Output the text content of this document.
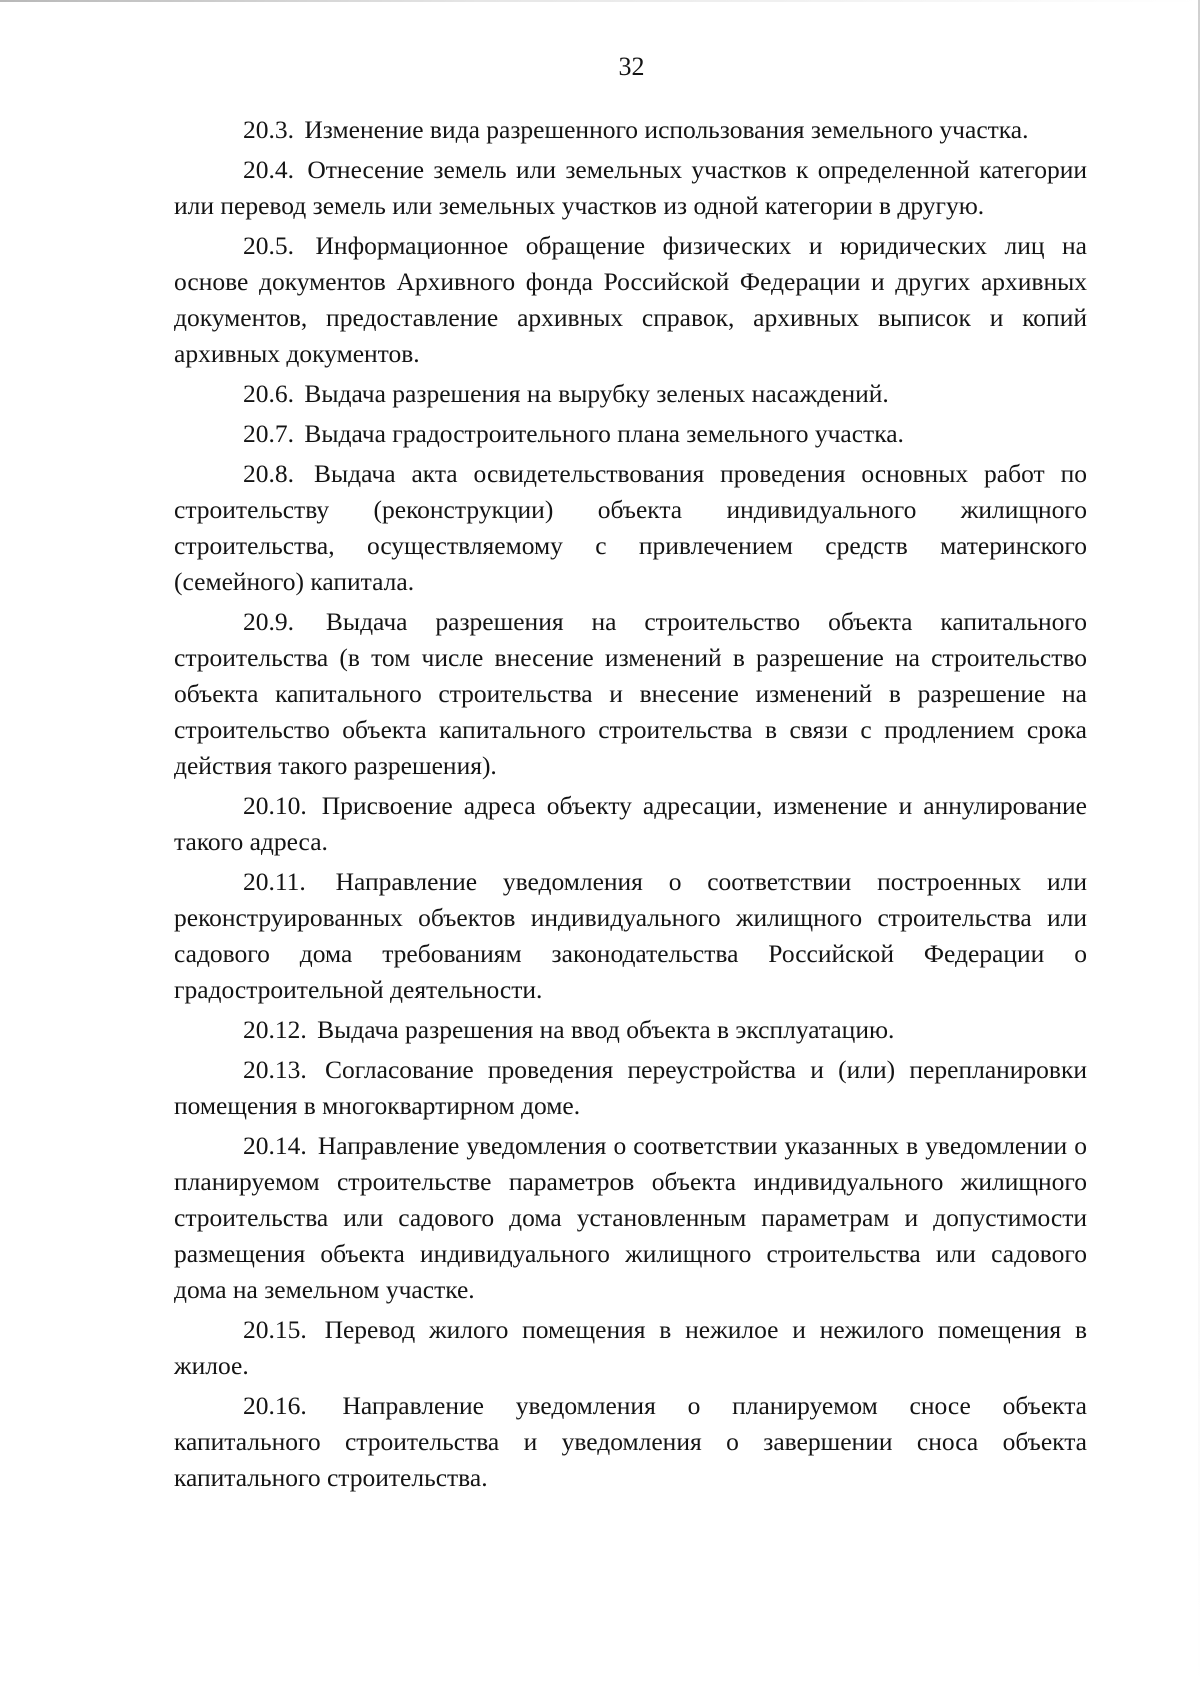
32

20.3. Изменение вида разрешенного использования земельного участка.

20.4. Отнесение земель или земельных участков к определенной категории или перевод земель или земельных участков из одной категории в другую.

20.5. Информационное обращение физических и юридических лиц на основе документов Архивного фонда Российской Федерации и других архивных документов, предоставление архивных справок, архивных выписок и копий архивных документов.

20.6. Выдача разрешения на вырубку зеленых насаждений.

20.7. Выдача градостроительного плана земельного участка.

20.8. Выдача акта освидетельствования проведения основных работ по строительству (реконструкции) объекта индивидуального жилищного строительства, осуществляемому с привлечением средств материнского (семейного) капитала.

20.9. Выдача разрешения на строительство объекта капитального строительства (в том числе внесение изменений в разрешение на строительство объекта капитального строительства и внесение изменений в разрешение на строительство объекта капитального строительства в связи с продлением срока действия такого разрешения).

20.10. Присвоение адреса объекту адресации, изменение и аннулирование такого адреса.

20.11. Направление уведомления о соответствии построенных или реконструированных объектов индивидуального жилищного строительства или садового дома требованиям законодательства Российской Федерации о градостроительной деятельности.

20.12. Выдача разрешения на ввод объекта в эксплуатацию.

20.13. Согласование проведения переустройства и (или) перепланировки помещения в многоквартирном доме.

20.14. Направление уведомления о соответствии указанных в уведомлении о планируемом строительстве параметров объекта индивидуального жилищного строительства или садового дома установленным параметрам и допустимости размещения объекта индивидуального жилищного строительства или садового дома на земельном участке.

20.15. Перевод жилого помещения в нежилое и нежилого помещения в жилое.

20.16. Направление уведомления о планируемом сносе объекта капитального строительства и уведомления о завершении сноса объекта капитального строительства.
